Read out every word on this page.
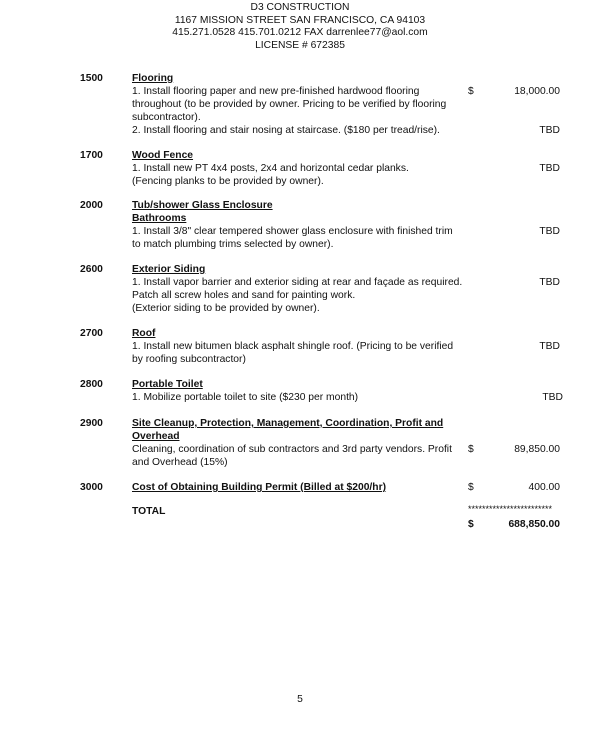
D3 CONSTRUCTION
1167 MISSION STREET SAN FRANCISCO, CA 94103
415.271.0528 415.701.0212 FAX darrenlee77@aol.com
LICENSE # 672385
1500	Flooring
1. Install flooring paper and new pre-finished hardwood flooring
throughout (to be provided by owner. Pricing to be verified by flooring
subcontractor).
2. Install flooring and stair nosing at staircase. ($180 per tread/rise).
$	18,000.00
TBD
1700	Wood Fence
1. Install new PT 4x4 posts, 2x4 and horizontal cedar planks.
(Fencing planks to be provided by owner).
TBD
2000	Tub/shower Glass Enclosure
Bathrooms
1. Install 3/8" clear tempered shower glass enclosure with finished trim
to match plumbing trims selected by owner).
TBD
2600	Exterior Siding
1. Install vapor barrier and exterior siding at rear and façade as required.
Patch all screw holes and sand for painting work.
(Exterior siding to be provided by owner).
TBD
2700	Roof
1. Install new bitumen black asphalt shingle roof. (Pricing to be verified
by roofing subcontractor)
TBD
2800	Portable Toilet
1. Mobilize portable toilet to site ($230 per month)	TBD
2900	Site Cleanup, Protection, Management, Coordination, Profit and
Overhead
Cleaning, coordination of sub contractors and 3rd party vendors. Profit
and Overhead (15%)
$	89,850.00
3000	Cost of Obtaining Building Permit (Billed at $200/hr)	$	400.00
TOTAL	************************
$	688,850.00
5
